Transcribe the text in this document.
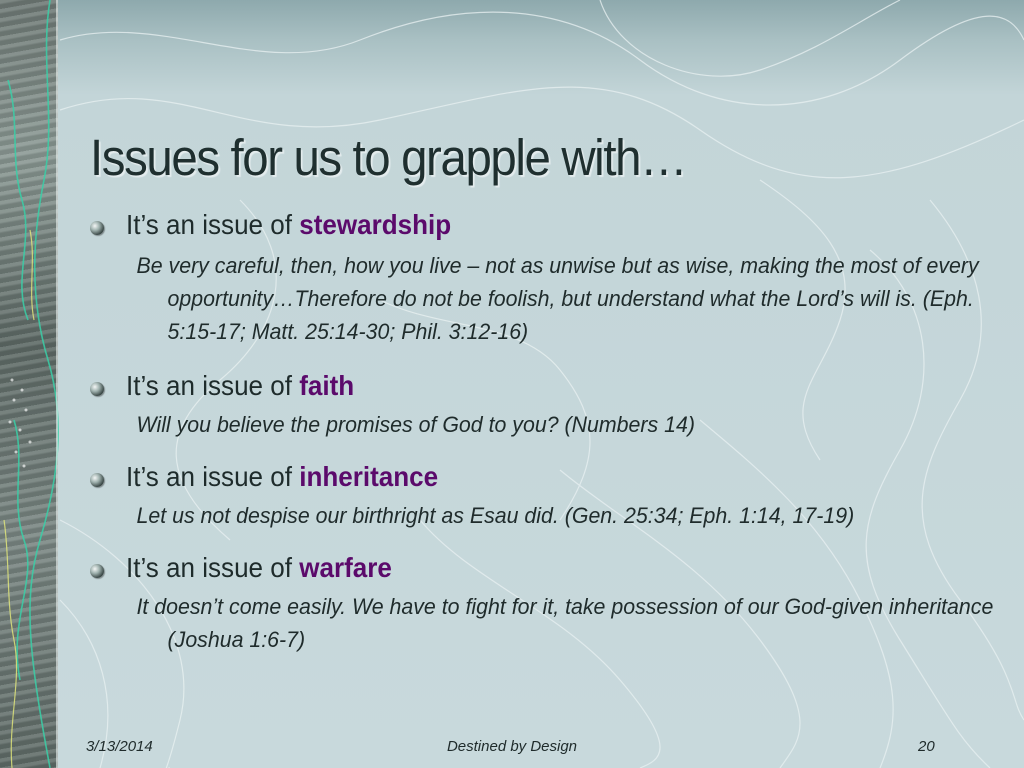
Issues for us to grapple with…
It’s an issue of stewardship
Be very careful, then, how you live – not as unwise but as wise, making the most of every opportunity…Therefore do not be foolish, but understand what the Lord’s will is. (Eph. 5:15-17; Matt. 25:14-30; Phil. 3:12-16)
It’s an issue of faith
Will you believe the promises of God to you? (Numbers 14)
It’s an issue of inheritance
Let us not despise our birthright as Esau did. (Gen. 25:34; Eph. 1:14, 17-19)
It’s an issue of warfare
It doesn’t come easily. We have to fight for it, take possession of our God-given inheritance (Joshua 1:6-7)
3/13/2014	Destined by Design	20
